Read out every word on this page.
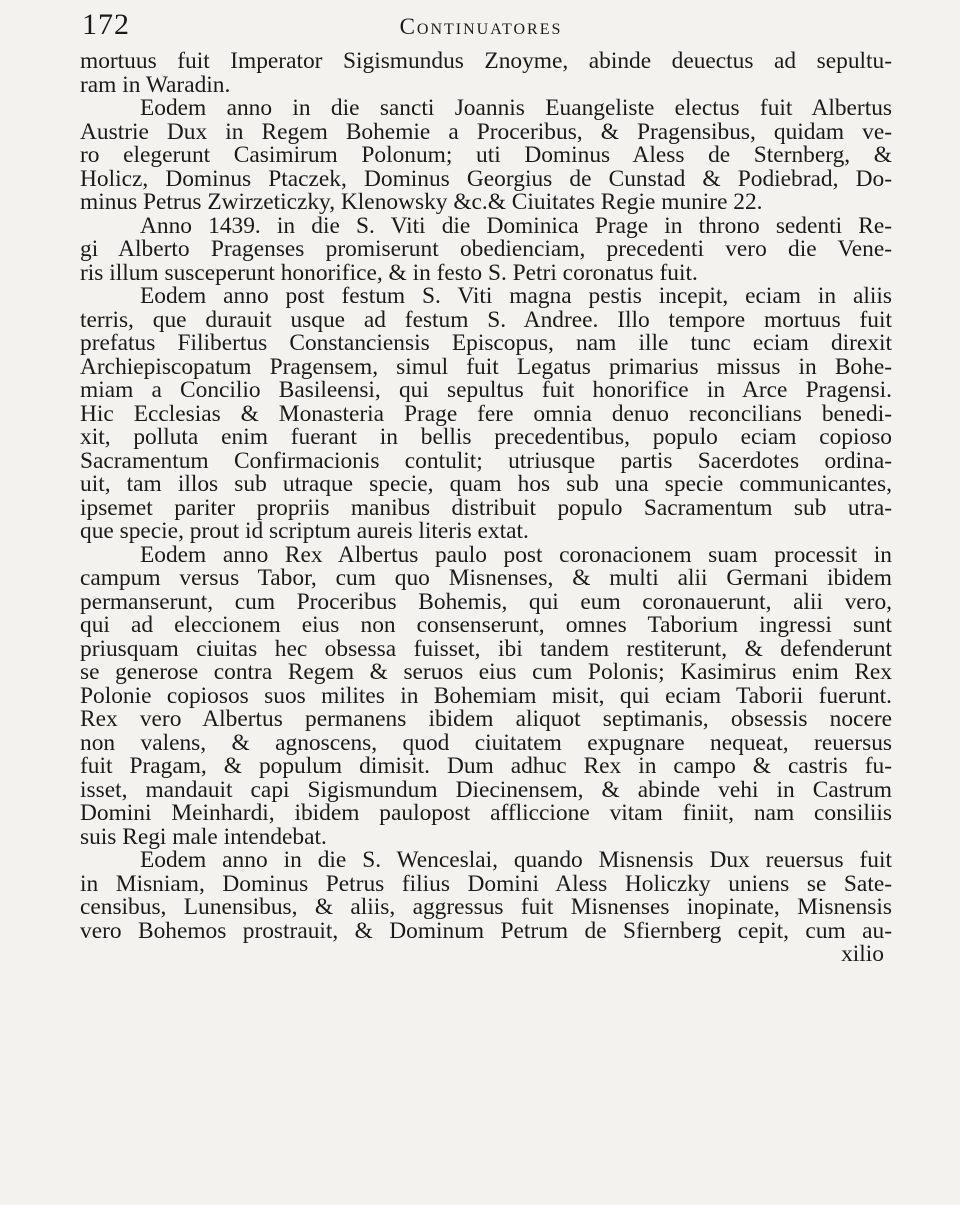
172	Continuatores

mortuus fuit Imperator Sigismundus Znoyme, abinde deuectus ad sepultu-
ram in Waradin.

Eodem anno in die sancti Joannis Euangeliste electus fuit Albertus
Austrie Dux in Regem Bohemie a Proceribus, & Pragensibus, quidam ve-
ro elegerunt Casimirum Polonum; uti Dominus Aless de Sternberg, &
Holicz, Dominus Ptaczek, Dominus Georgius de Cunstad & Podiebrad, Do-
minus Petrus Zwirzeticzky, Klenowsky &c.& Ciuitates Regie munire 22.

Anno 1439. in die S. Viti die Dominica Prage in throno sedenti Re-
gi Alberto Pragenses promiserunt obedienciam, precedenti vero die Vene-
ris illum susceperunt honorifice, & in festo S. Petri coronatus fuit.

Eodem anno post festum S. Viti magna pestis incepit, eciam in aliis
terris, que durauit usque ad festum S. Andree. Illo tempore mortuus fuit
prefatus Filibertus Constanciensis Episcopus, nam ille tunc eciam direxit
Archiepiscopatum Pragensem, simul fuit Legatus primarius missus in Bohe-
miam a Concilio Basileensi, qui sepultus fuit honorifice in Arce Pragensi.
Hic Ecclesias & Monasteria Prage fere omnia denuo reconcilians benedi-
xit, polluta enim fuerant in bellis precedentibus, populo eciam copioso
Sacramentum Confirmacionis contulit; utriusque partis Sacerdotes ordina-
uit, tam illos sub utraque specie, quam hos sub una specie communicantes,
ipsemet pariter propriis manibus distribuit populo Sacramentum sub utra-
que specie, prout id scriptum aureis literis extat.

Eodem anno Rex Albertus paulo post coronacionem suam processit in
campum versus Tabor, cum quo Misnenses, & multi alii Germani ibidem
permanserunt, cum Proceribus Bohemis, qui eum coronauerunt, alii vero,
qui ad eleccionem eius non consenserunt, omnes Taborium ingressi sunt
priusquam ciuitas hec obsessa fuisset, ibi tandem restiterunt, & defenderunt
se generose contra Regem & seruos eius cum Polonis; Kasimirus enim Rex
Polonie copiosos suos milites in Bohemiam misit, qui eciam Taborii fuerunt.
Rex vero Albertus permanens ibidem aliquot septimanis, obsessis nocere
non valens, & agnoscens, quod ciuitatem expugnare nequeat, reuersus
fuit Pragam, & populum dimisit. Dum adhuc Rex in campo & castris fu-
isset, mandauit capi Sigismundum Diecinensem, & abinde vehi in Castrum
Domini Meinhardi, ibidem paulopost affliccione vitam finiit, nam consiliis
suis Regi male intendebat.

Eodem anno in die S. Wenceslai, quando Misnensis Dux reuersus fuit
in Misniam, Dominus Petrus filius Domini Aless Holiczky uniens se Sate-
censibus, Lunensibus, & aliis, aggressus fuit Misnenses inopinate, Misnensis
vero Bohemos prostrauit, & Dominum Petrum de Sfiernberg cepit, cum au-

xilio
